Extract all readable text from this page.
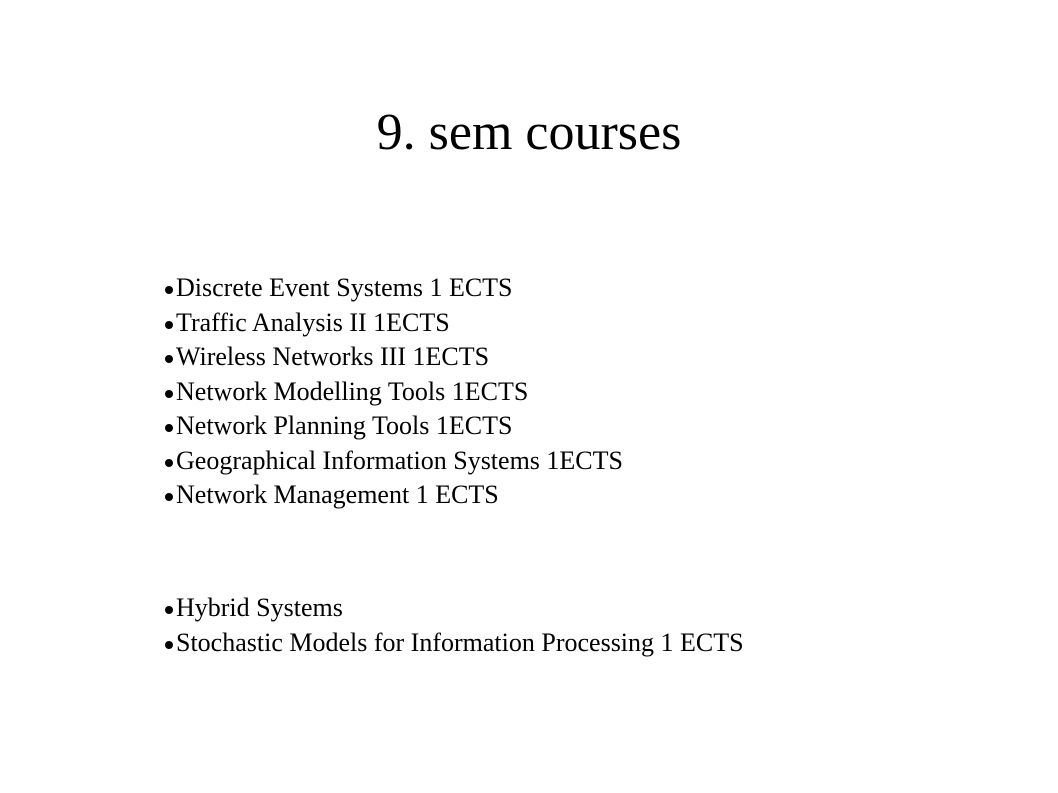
9. sem courses
Discrete Event Systems 1 ECTS
Traffic Analysis II 1ECTS
Wireless Networks III 1ECTS
Network Modelling Tools 1ECTS
Network Planning Tools 1ECTS
Geographical Information Systems 1ECTS
Network Management 1 ECTS
Hybrid Systems
Stochastic Models for Information Processing 1 ECTS
